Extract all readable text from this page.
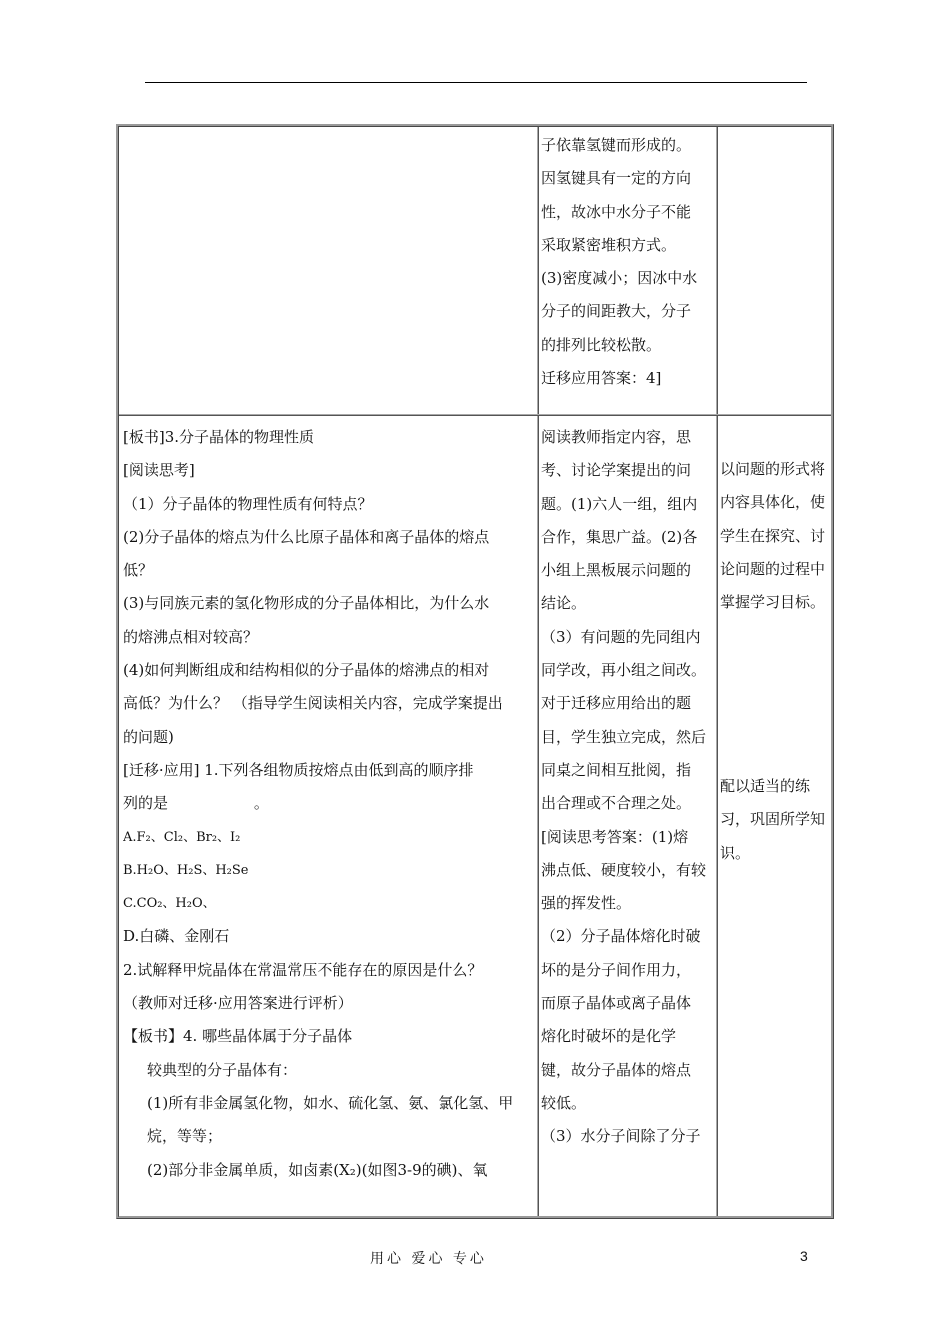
子依靠氢键而形成的。

因氢键具有一定的方向

性，故冰中水分子不能

采取紧密堆积方式。

(3)密度减小；因冰中水

分子的间距教大，分子

的排列比较松散。

迁移应用答案：4]

[板书]3.分子晶体的物理性质

[阅读思考]

（1）分子晶体的物理性质有何特点？

(2)分子晶体的熔点为什么比原子晶体和离子晶体的熔点

低？

(3)与同族元素的氢化物形成的分子晶体相比，为什么水

的熔沸点相对较高？

(4)如何判断组成和结构相似的分子晶体的熔沸点的相对

高低？为什么？ （指导学生阅读相关内容，完成学案提出

的问题)

[迁移·应用] 1.下列各组物质按熔点由低到高的顺序排

列的是                  。

A.F₂、Cl₂、Br₂、I₂

B.H₂O、H₂S、H₂Se

C.CO₂、H₂O、

D.白磷、金刚石

2.试解释甲烷晶体在常温常压不能存在的原因是什么？

（教师对迁移·应用答案进行评析）

【板书】4. 哪些晶体属于分子晶体

较典型的分子晶体有：

(1)所有非金属氢化物，如水、硫化氢、氨、氯化氢、甲

烷，等等；

(2)部分非金属单质，如卤素(X₂)(如图3-9的碘)、氧

阅读教师指定内容，思

考、讨论学案提出的问

题。(1)六人一组，组内

合作，集思广益。(2)各

小组上黑板展示问题的

结论。

（3）有问题的先同组内

同学改，再小组之间改。

对于迁移应用给出的题

目，学生独立完成，然后

同桌之间相互批阅，指

出合理或不合理之处。

[阅读思考答案：(1)熔

沸点低、硬度较小，有较

强的挥发性。

（2）分子晶体熔化时破

坏的是分子间作用力，

而原子晶体或离子晶体

熔化时破坏的是化学

键，故分子晶体的熔点

较低。

（3）水分子间除了分子

以问题的形式将

内容具体化，使

学生在探究、讨

论问题的过程中

掌握学习目标。

配以适当的练

习，巩固所学知

识。

用心 爱心 专心	3
